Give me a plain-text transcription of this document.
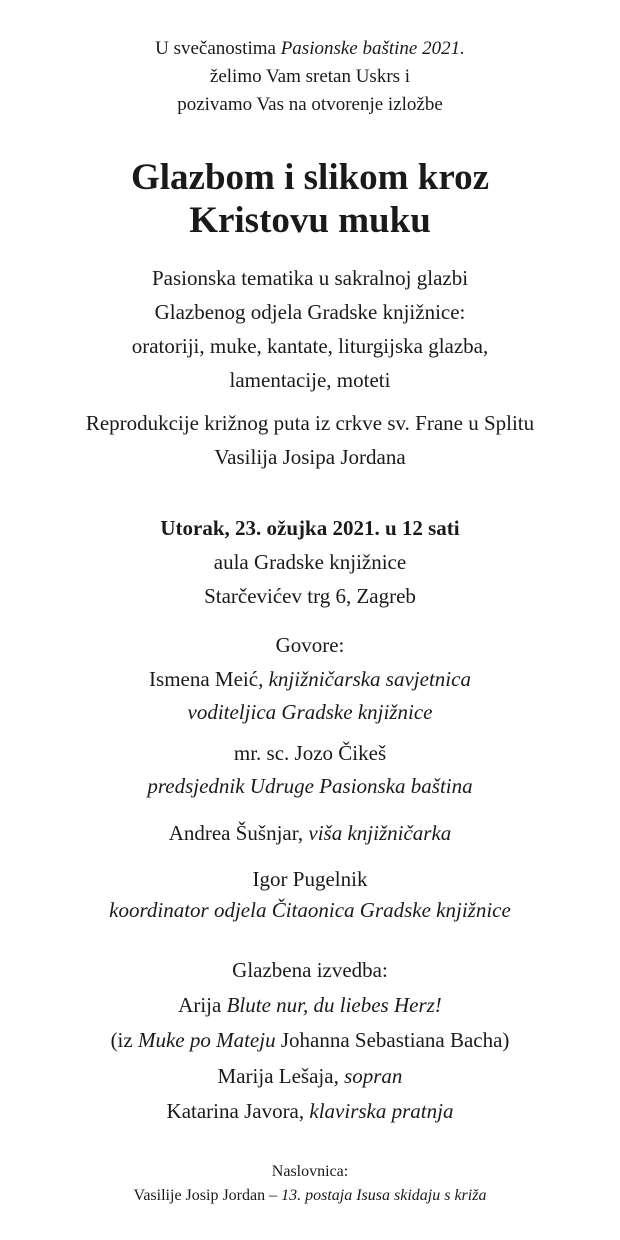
U svečanostima Pasionske baštine 2021.
želimo Vam sretan Uskrs i
pozivamo Vas na otvorenje izložbe
Glazbom i slikom kroz
Kristovu muku
Pasionska tematika u sakralnoj glazbi
Glazbenog odjela Gradske knjižnice:
oratoriji, muke, kantate, liturgijska glazba,
lamentacije, moteti
Reprodukcije križnog puta iz crkve sv. Frane u Splitu
Vasilija Josipa Jordana
Utorak, 23. ožujka 2021. u 12 sati
aula Gradske knjižnice
Starčevićev trg 6, Zagreb
Govore:
Ismena Meić, knjižničarska savjetnica
voditeljica Gradske knjižnice
mr. sc. Jozo Čikeš
predsjednik Udruge Pasionska baština
Andrea Šušnjar, viša knjižničarka
Igor Pugelnik
koordinator odjela Čitaonica Gradske knjižnice
Glazbena izvedba:
Arija Blute nur, du liebes Herz!
(iz Muke po Mateju Johanna Sebastiana Bacha)
Marija Lešaja, sopran
Katarina Javora, klavirska pratnja
Naslovnica:
Vasilije Josip Jordan – 13. postaja Isusa skidaju s križa
